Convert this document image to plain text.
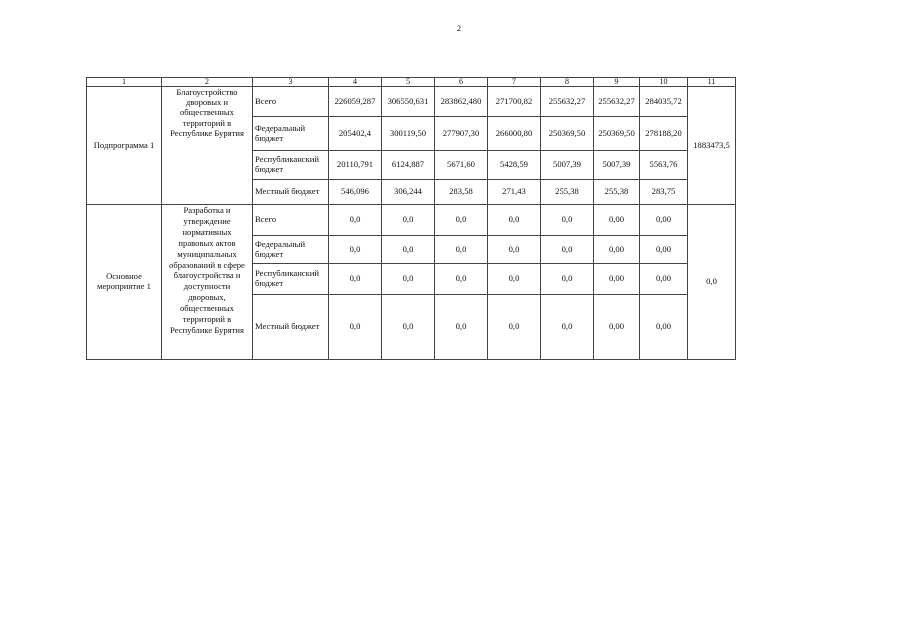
2
1	2	3	4	5	6	7	8	9	10	11
Подпрограмма 1	Благоустройство дворовых и общественных территорий в Республике Бурятия	Всего	226059,287	306550,631	283862,480	271700,82	255632,27	255632,27	284035,72	1883473,5
		Федеральный бюджет	205402,4	300119,50	277907,30	266000,80	250369,50	250369,50	278188,20	
		Республиканский бюджет	20110,791	6124,887	5671,60	5428,59	5007,39	5007,39	5563,76	
		Местный бюджет	546,096	306,244	283,58	271,43	255,38	255,38	283,75	
Основное мероприятие 1	Разработка и утверждение нормативных правовых актов муниципальных образований в сфере благоустройства и доступности дворовых, общественных территорий в Республике Бурятия	Всего	0,0	0,0	0,0	0,0	0,0	0,00	0,00	0,0
		Федеральный бюджет	0,0	0,0	0,0	0,0	0,0	0,00	0,00	
		Республиканский бюджет	0,0	0,0	0,0	0,0	0,0	0,00	0,00	
		Местный бюджет	0,0	0,0	0,0	0,0	0,0	0,00	0,00	
